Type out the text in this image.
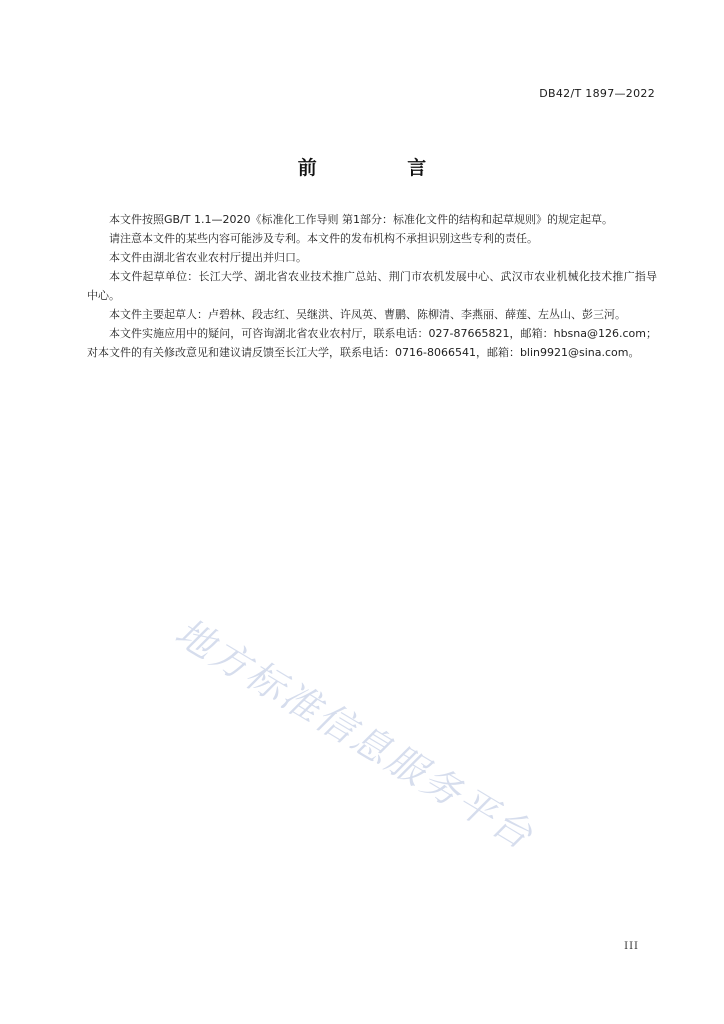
DB42/T 1897—2022
前 言

本文件按照GB/T 1.1—2020《标准化工作导则 第1部分：标准化文件的结构和起草规则》的规定起草。

请注意本文件的某些内容可能涉及专利。本文件的发布机构不承担识别这些专利的责任。

本文件由湖北省农业农村厅提出并归口。

本文件起草单位：长江大学、湖北省农业技术推广总站、荆门市农机发展中心、武汉市农业机械化技术推广指导中心。

本文件主要起草人：卢碧林、段志红、吴继洪、许凤英、曹鹏、陈柳清、李燕丽、薛莲、左丛山、彭三河。

本文件实施应用中的疑问，可咨询湖北省农业农村厅，联系电话：027-87665821，邮箱：hbsna@126.com；对本文件的有关修改意见和建议请反馈至长江大学，联系电话：0716-8066541，邮箱：blin9921@sina.com。

地方标准信息服务平台
III
